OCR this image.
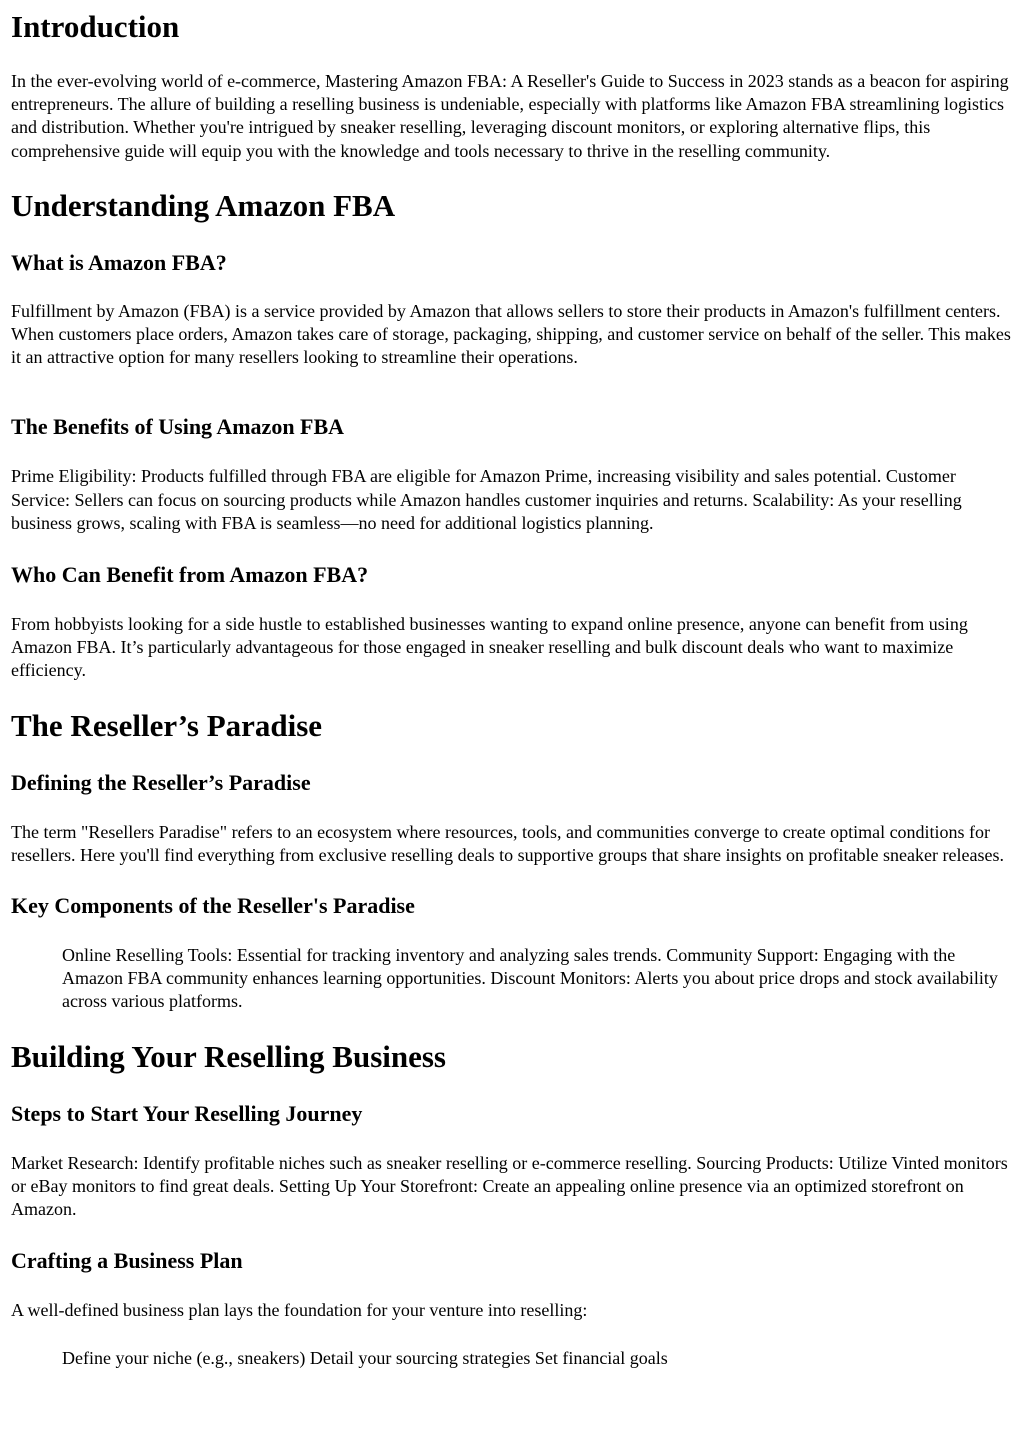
Introduction

In the ever-evolving world of e-commerce, Mastering Amazon FBA: A Reseller's Guide to Success in 2023 stands as a beacon for aspiring entrepreneurs. The allure of building a reselling business is undeniable, especially with platforms like Amazon FBA streamlining logistics and distribution. Whether you're intrigued by sneaker reselling, leveraging discount monitors, or exploring alternative flips, this comprehensive guide will equip you with the knowledge and tools necessary to thrive in the reselling community.

Understanding Amazon FBA
What is Amazon FBA?

Fulfillment by Amazon (FBA) is a service provided by Amazon that allows sellers to store their products in Amazon's fulfillment centers. When customers place orders, Amazon takes care of storage, packaging, shipping, and customer service on behalf of the seller. This makes it an attractive option for many resellers looking to streamline their operations.

The Benefits of Using Amazon FBA

Prime Eligibility: Products fulfilled through FBA are eligible for Amazon Prime, increasing visibility and sales potential. Customer Service: Sellers can focus on sourcing products while Amazon handles customer inquiries and returns. Scalability: As your reselling business grows, scaling with FBA is seamless—no need for additional logistics planning.

Who Can Benefit from Amazon FBA?

From hobbyists looking for a side hustle to established businesses wanting to expand online presence, anyone can benefit from using Amazon FBA. It’s particularly advantageous for those engaged in sneaker reselling and bulk discount deals who want to maximize efficiency.

The Reseller’s Paradise
Defining the Reseller’s Paradise

The term "Resellers Paradise" refers to an ecosystem where resources, tools, and communities converge to create optimal conditions for resellers. Here you'll find everything from exclusive reselling deals to supportive groups that share insights on profitable sneaker releases.

Key Components of the Reseller's Paradise
Online Reselling Tools: Essential for tracking inventory and analyzing sales trends. Community Support: Engaging with the Amazon FBA community enhances learning opportunities. Discount Monitors: Alerts you about price drops and stock availability across various platforms.
Building Your Reselling Business
Steps to Start Your Reselling Journey

Market Research: Identify profitable niches such as sneaker reselling or e-commerce reselling. Sourcing Products: Utilize Vinted monitors or eBay monitors to find great deals. Setting Up Your Storefront: Create an appealing online presence via an optimized storefront on Amazon.

Crafting a Business Plan

A well-defined business plan lays the foundation for your venture into reselling:

Define your niche (e.g., sneakers) Detail your sourcing strategies Set financial goals
